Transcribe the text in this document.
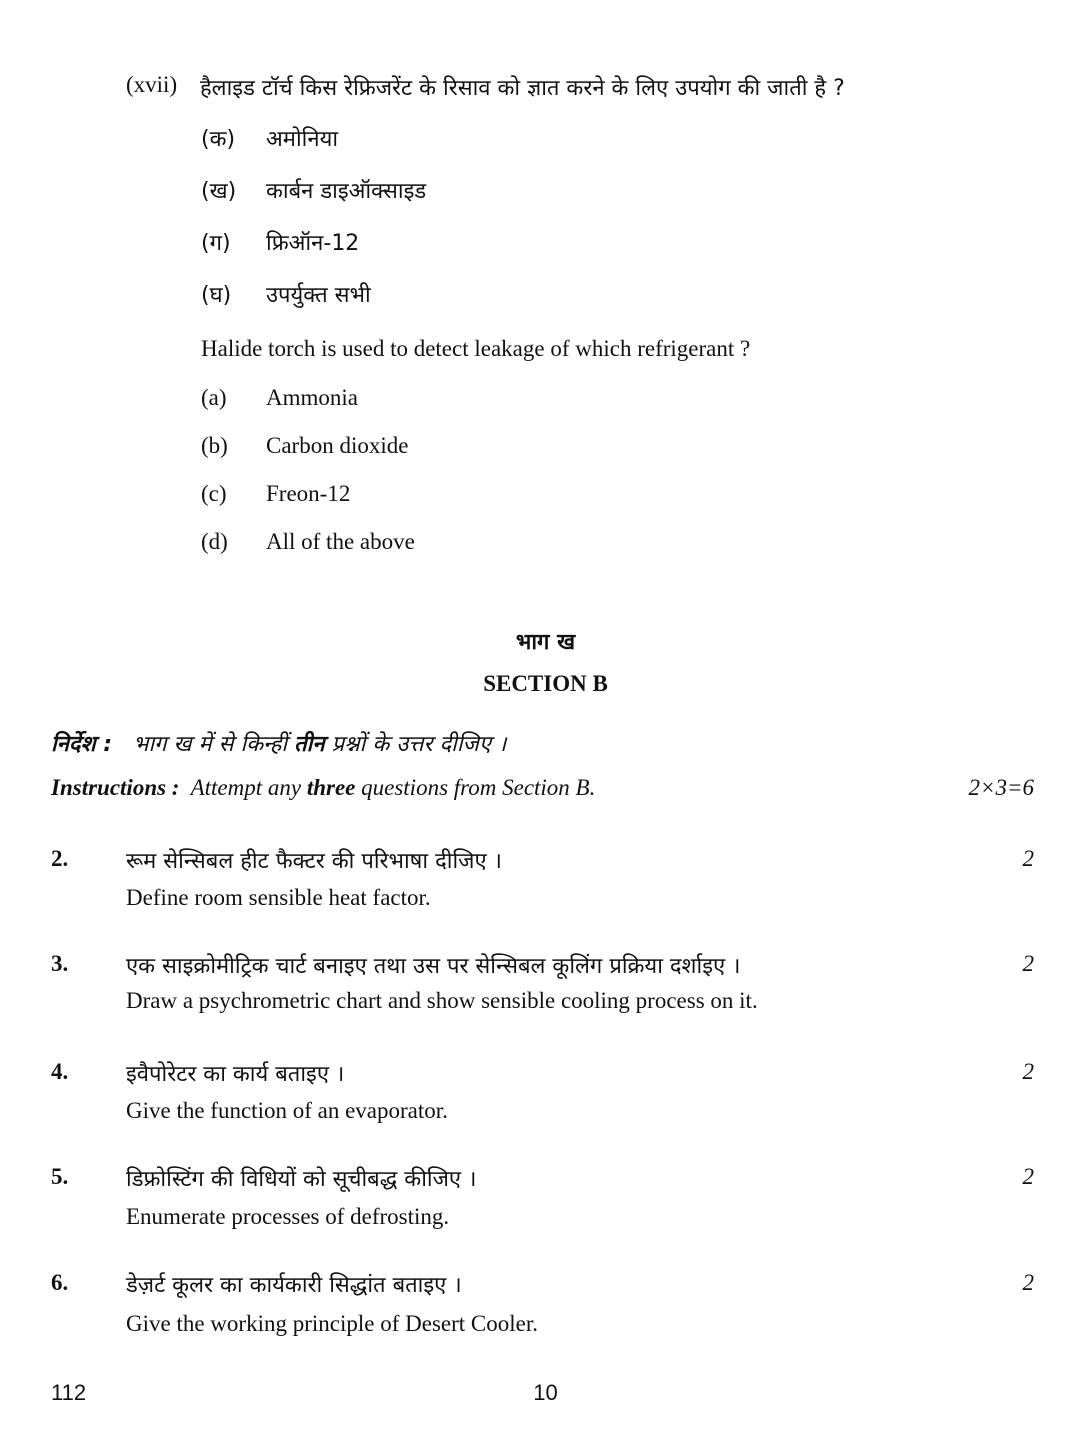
(xvii) हैलाइड टॉर्च किस रेफ्रिजरेंट के रिसाव को ज्ञात करने के लिए उपयोग की जाती है ?
(क) अमोनिया
(ख) कार्बन डाइऑक्साइड
(ग) फ्रिऑन-12
(घ) उपर्युक्त सभी
Halide torch is used to detect leakage of which refrigerant ?
(a) Ammonia
(b) Carbon dioxide
(c) Freon-12
(d) All of the above
भाग ख
SECTION B
निर्देश : भाग ख में से किन्हीं तीन प्रश्नों के उत्तर दीजिए ।
Instructions : Attempt any three questions from Section B.	2×3=6
2.	रूम सेन्सिबल हीट फैक्टर की परिभाषा दीजिए ।
Define room sensible heat factor.
2
3.	एक साइक्रोमीट्रिक चार्ट बनाइए तथा उस पर सेन्सिबल कूलिंग प्रक्रिया दर्शाइए ।
Draw a psychrometric chart and show sensible cooling process on it.
2
4.	इवैपोरेटर का कार्य बताइए ।
Give the function of an evaporator.
2
5.	डिफ्रोस्टिंग की विधियों को सूचीबद्ध कीजिए ।
Enumerate processes of defrosting.
2
6.	डेज़र्ट कूलर का कार्यकारी सिद्धांत बताइए ।
Give the working principle of Desert Cooler.
2
112	10
